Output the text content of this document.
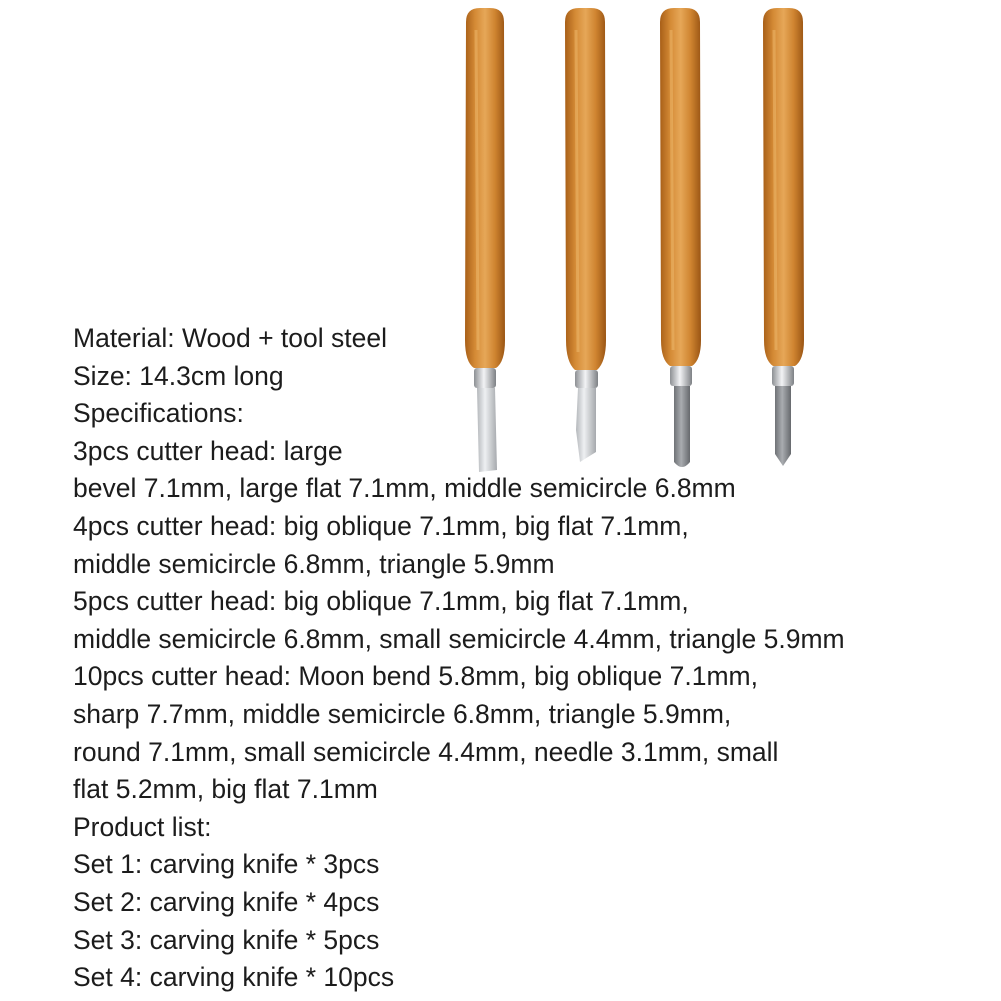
Material: Wood + tool steel
Size: 14.3cm long
Specifications:
3pcs cutter head: large
bevel 7.1mm, large flat 7.1mm, middle semicircle 6.8mm
4pcs cutter head: big oblique 7.1mm, big flat 7.1mm,
middle semicircle 6.8mm, triangle 5.9mm
5pcs cutter head: big oblique 7.1mm, big flat 7.1mm,
middle semicircle 6.8mm, small semicircle 4.4mm, triangle 5.9mm
10pcs cutter head: Moon bend 5.8mm, big oblique 7.1mm,
sharp 7.7mm, middle semicircle 6.8mm, triangle 5.9mm,
round 7.1mm, small semicircle 4.4mm, needle 3.1mm, small
flat 5.2mm, big flat 7.1mm
Product list:
Set 1: carving knife * 3pcs
Set 2: carving knife * 4pcs
Set 3: carving knife * 5pcs
Set 4: carving knife * 10pcs
